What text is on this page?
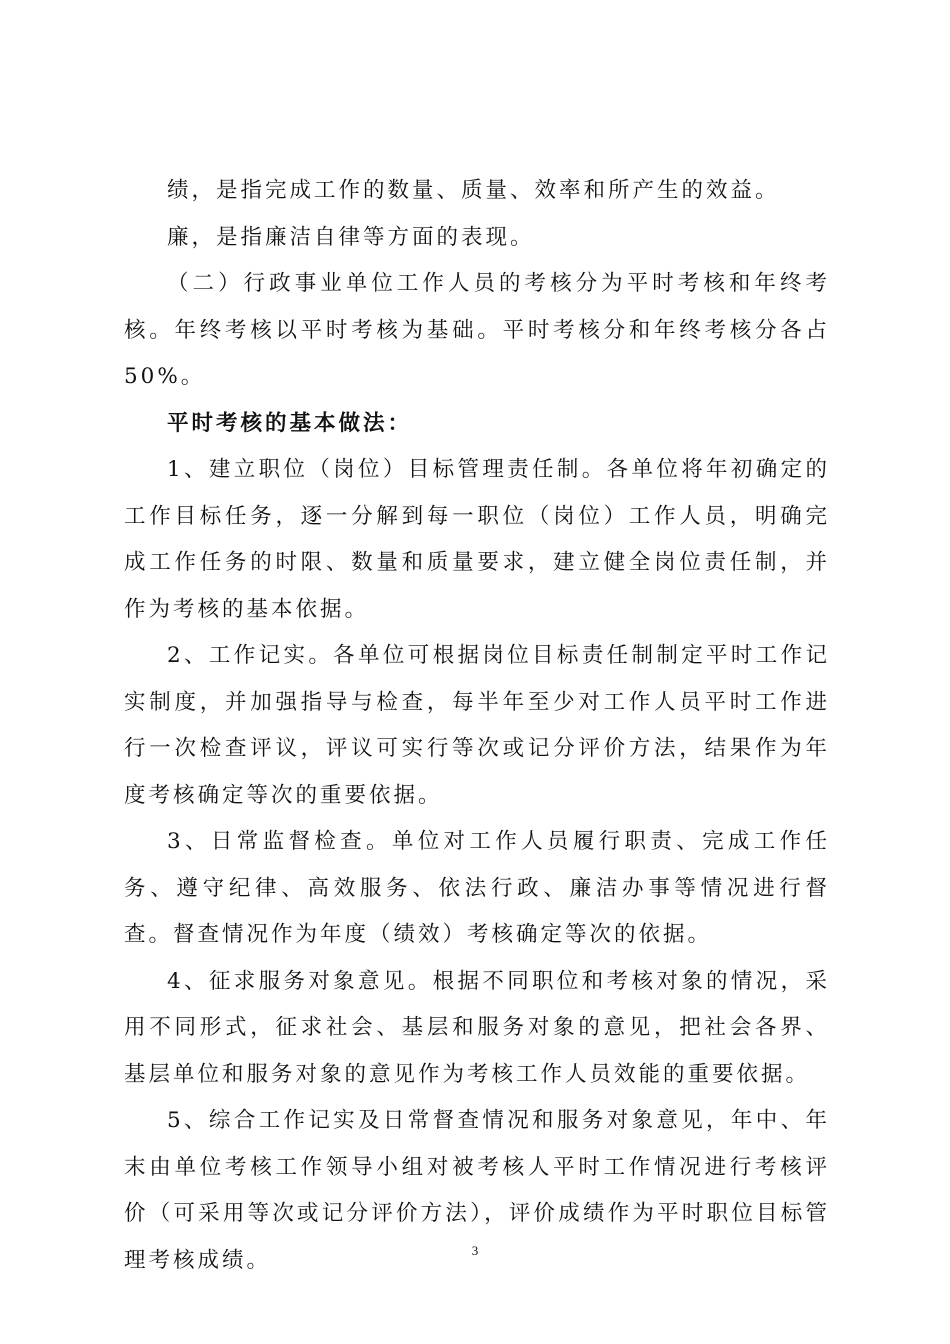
绩，是指完成工作的数量、质量、效率和所产生的效益。

廉，是指廉洁自律等方面的表现。

（二）行政事业单位工作人员的考核分为平时考核和年终考核。年终考核以平时考核为基础。平时考核分和年终考核分各占 50%。

平时考核的基本做法：

1、建立职位（岗位）目标管理责任制。各单位将年初确定的工作目标任务，逐一分解到每一职位（岗位）工作人员，明确完成工作任务的时限、数量和质量要求，建立健全岗位责任制，并作为考核的基本依据。

2、工作记实。各单位可根据岗位目标责任制制定平时工作记实制度，并加强指导与检查，每半年至少对工作人员平时工作进行一次检查评议，评议可实行等次或记分评价方法，结果作为年度考核确定等次的重要依据。

3、日常监督检查。单位对工作人员履行职责、完成工作任务、遵守纪律、高效服务、依法行政、廉洁办事等情况进行督查。督查情况作为年度（绩效）考核确定等次的依据。

4、征求服务对象意见。根据不同职位和考核对象的情况，采用不同形式，征求社会、基层和服务对象的意见，把社会各界、基层单位和服务对象的意见作为考核工作人员效能的重要依据。

5、综合工作记实及日常督查情况和服务对象意见，年中、年末由单位考核工作领导小组对被考核人平时工作情况进行考核评价（可采用等次或记分评价方法），评价成绩作为平时职位目标管理考核成绩。	3
